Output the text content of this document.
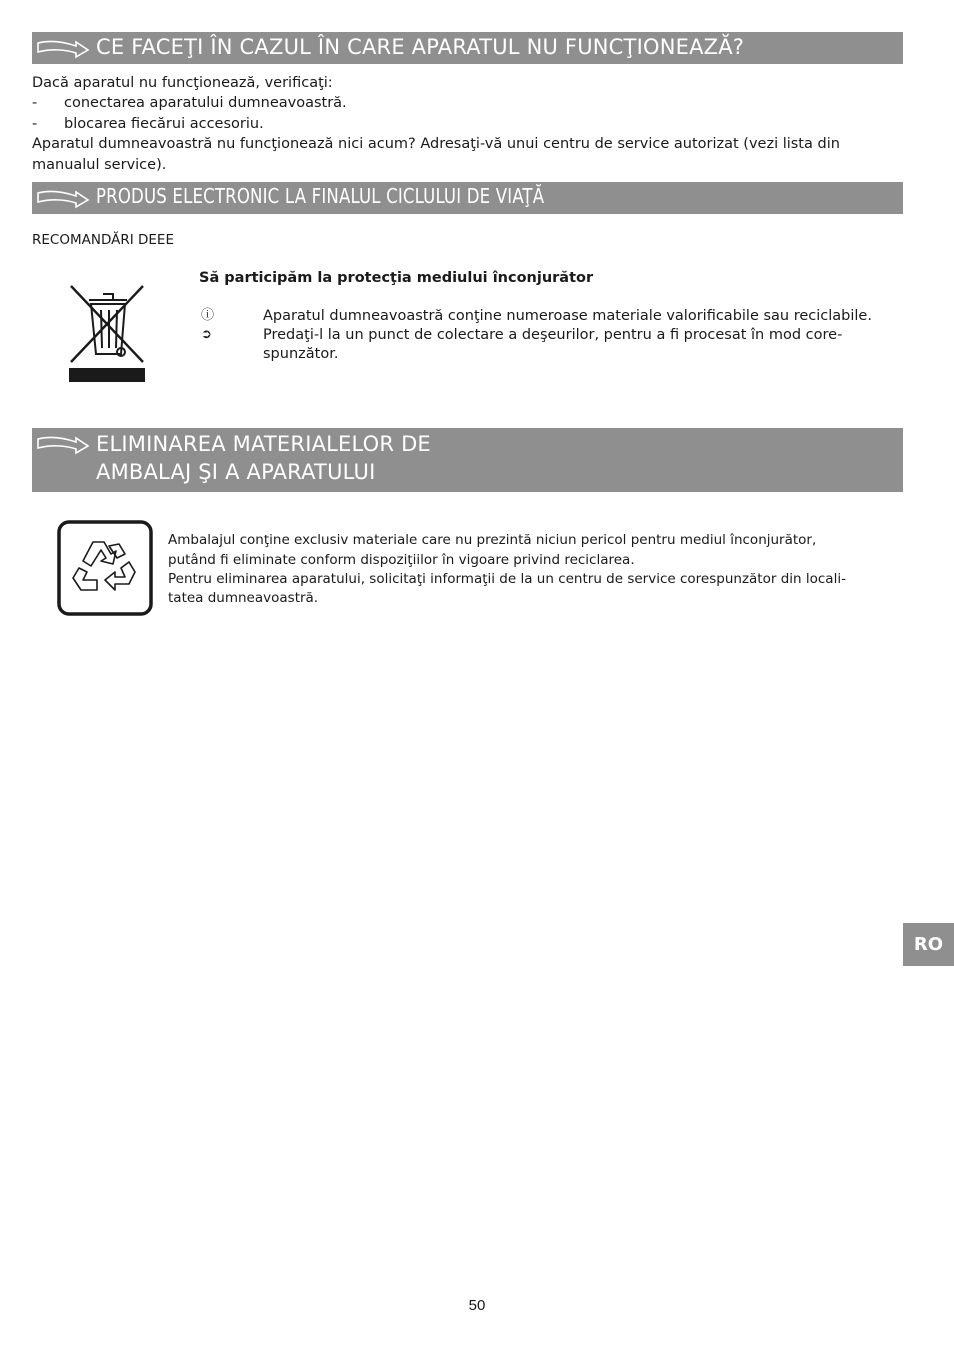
CE FACEŢI ÎN CAZUL ÎN CARE APARATUL NU FUNCŢIONEAZĂ?
Dacă aparatul nu funcţionează, verificaţi:
- conectarea aparatului dumneavoastră.
- blocarea fiecărui accesoriu.
Aparatul dumneavoastră nu funcţionează nici acum? Adresaţi-vă unui centru de service autorizat (vezi lista din
manualul service).
PRODUS ELECTRONIC LA FINALUL CICLULUI DE VIAŢĂ
RECOMANDĂRI DEEE
Să participăm la protecţia mediului înconjurător
ⓘ	Aparatul dumneavoastră conţine numeroase materiale valorificabile sau reciclabile.
➲	Predaţi-l la un punct de colectare a deşeurilor, pentru a fi procesat în mod core-
spunzător.
ELIMINAREA MATERIALELOR DE
AMBALAJ ŞI A APARATULUI
Ambalajul conţine exclusiv materiale care nu prezintă niciun pericol pentru mediul înconjurător,
putând fi eliminate conform dispoziţiilor în vigoare privind reciclarea.
Pentru eliminarea aparatului, solicitaţi informaţii de la un centru de service corespunzător din locali-
tatea dumneavoastră.
RO
50
